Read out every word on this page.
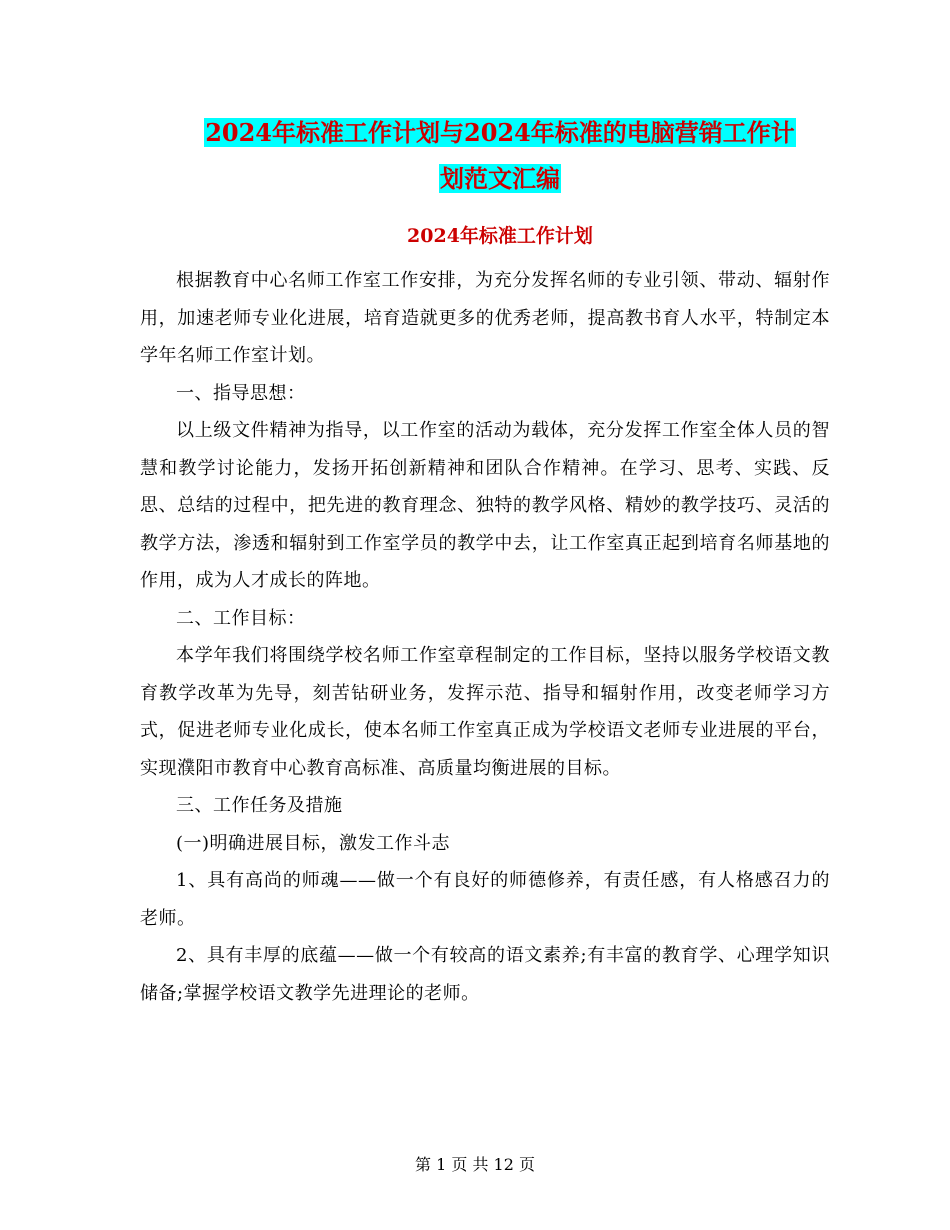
2024年标准工作计划与2024年标准的电脑营销工作计
划范文汇编
2024年标准工作计划

根据教育中心名师工作室工作安排，为充分发挥名师的专业引领、带动、辐射作用，加速老师专业化进展，培育造就更多的优秀老师，提高教书育人水平，特制定本学年名师工作室计划。

一、指导思想：

以上级文件精神为指导，以工作室的活动为载体，充分发挥工作室全体人员的智慧和教学讨论能力，发扬开拓创新精神和团队合作精神。在学习、思考、实践、反思、总结的过程中，把先进的教育理念、独特的教学风格、精妙的教学技巧、灵活的教学方法，渗透和辐射到工作室学员的教学中去，让工作室真正起到培育名师基地的作用，成为人才成长的阵地。

二、工作目标：

本学年我们将围绕学校名师工作室章程制定的工作目标，坚持以服务学校语文教育教学改革为先导，刻苦钻研业务，发挥示范、指导和辐射作用，改变老师学习方式，促进老师专业化成长，使本名师工作室真正成为学校语文老师专业进展的平台，实现濮阳市教育中心教育高标准、高质量均衡进展的目标。

三、工作任务及措施

(一)明确进展目标，激发工作斗志

1、具有高尚的师魂——做一个有良好的师德修养，有责任感，有人格感召力的老师。

2、具有丰厚的底蕴——做一个有较高的语文素养;有丰富的教育学、心理学知识储备;掌握学校语文教学先进理论的老师。

第 1 页 共 12 页
